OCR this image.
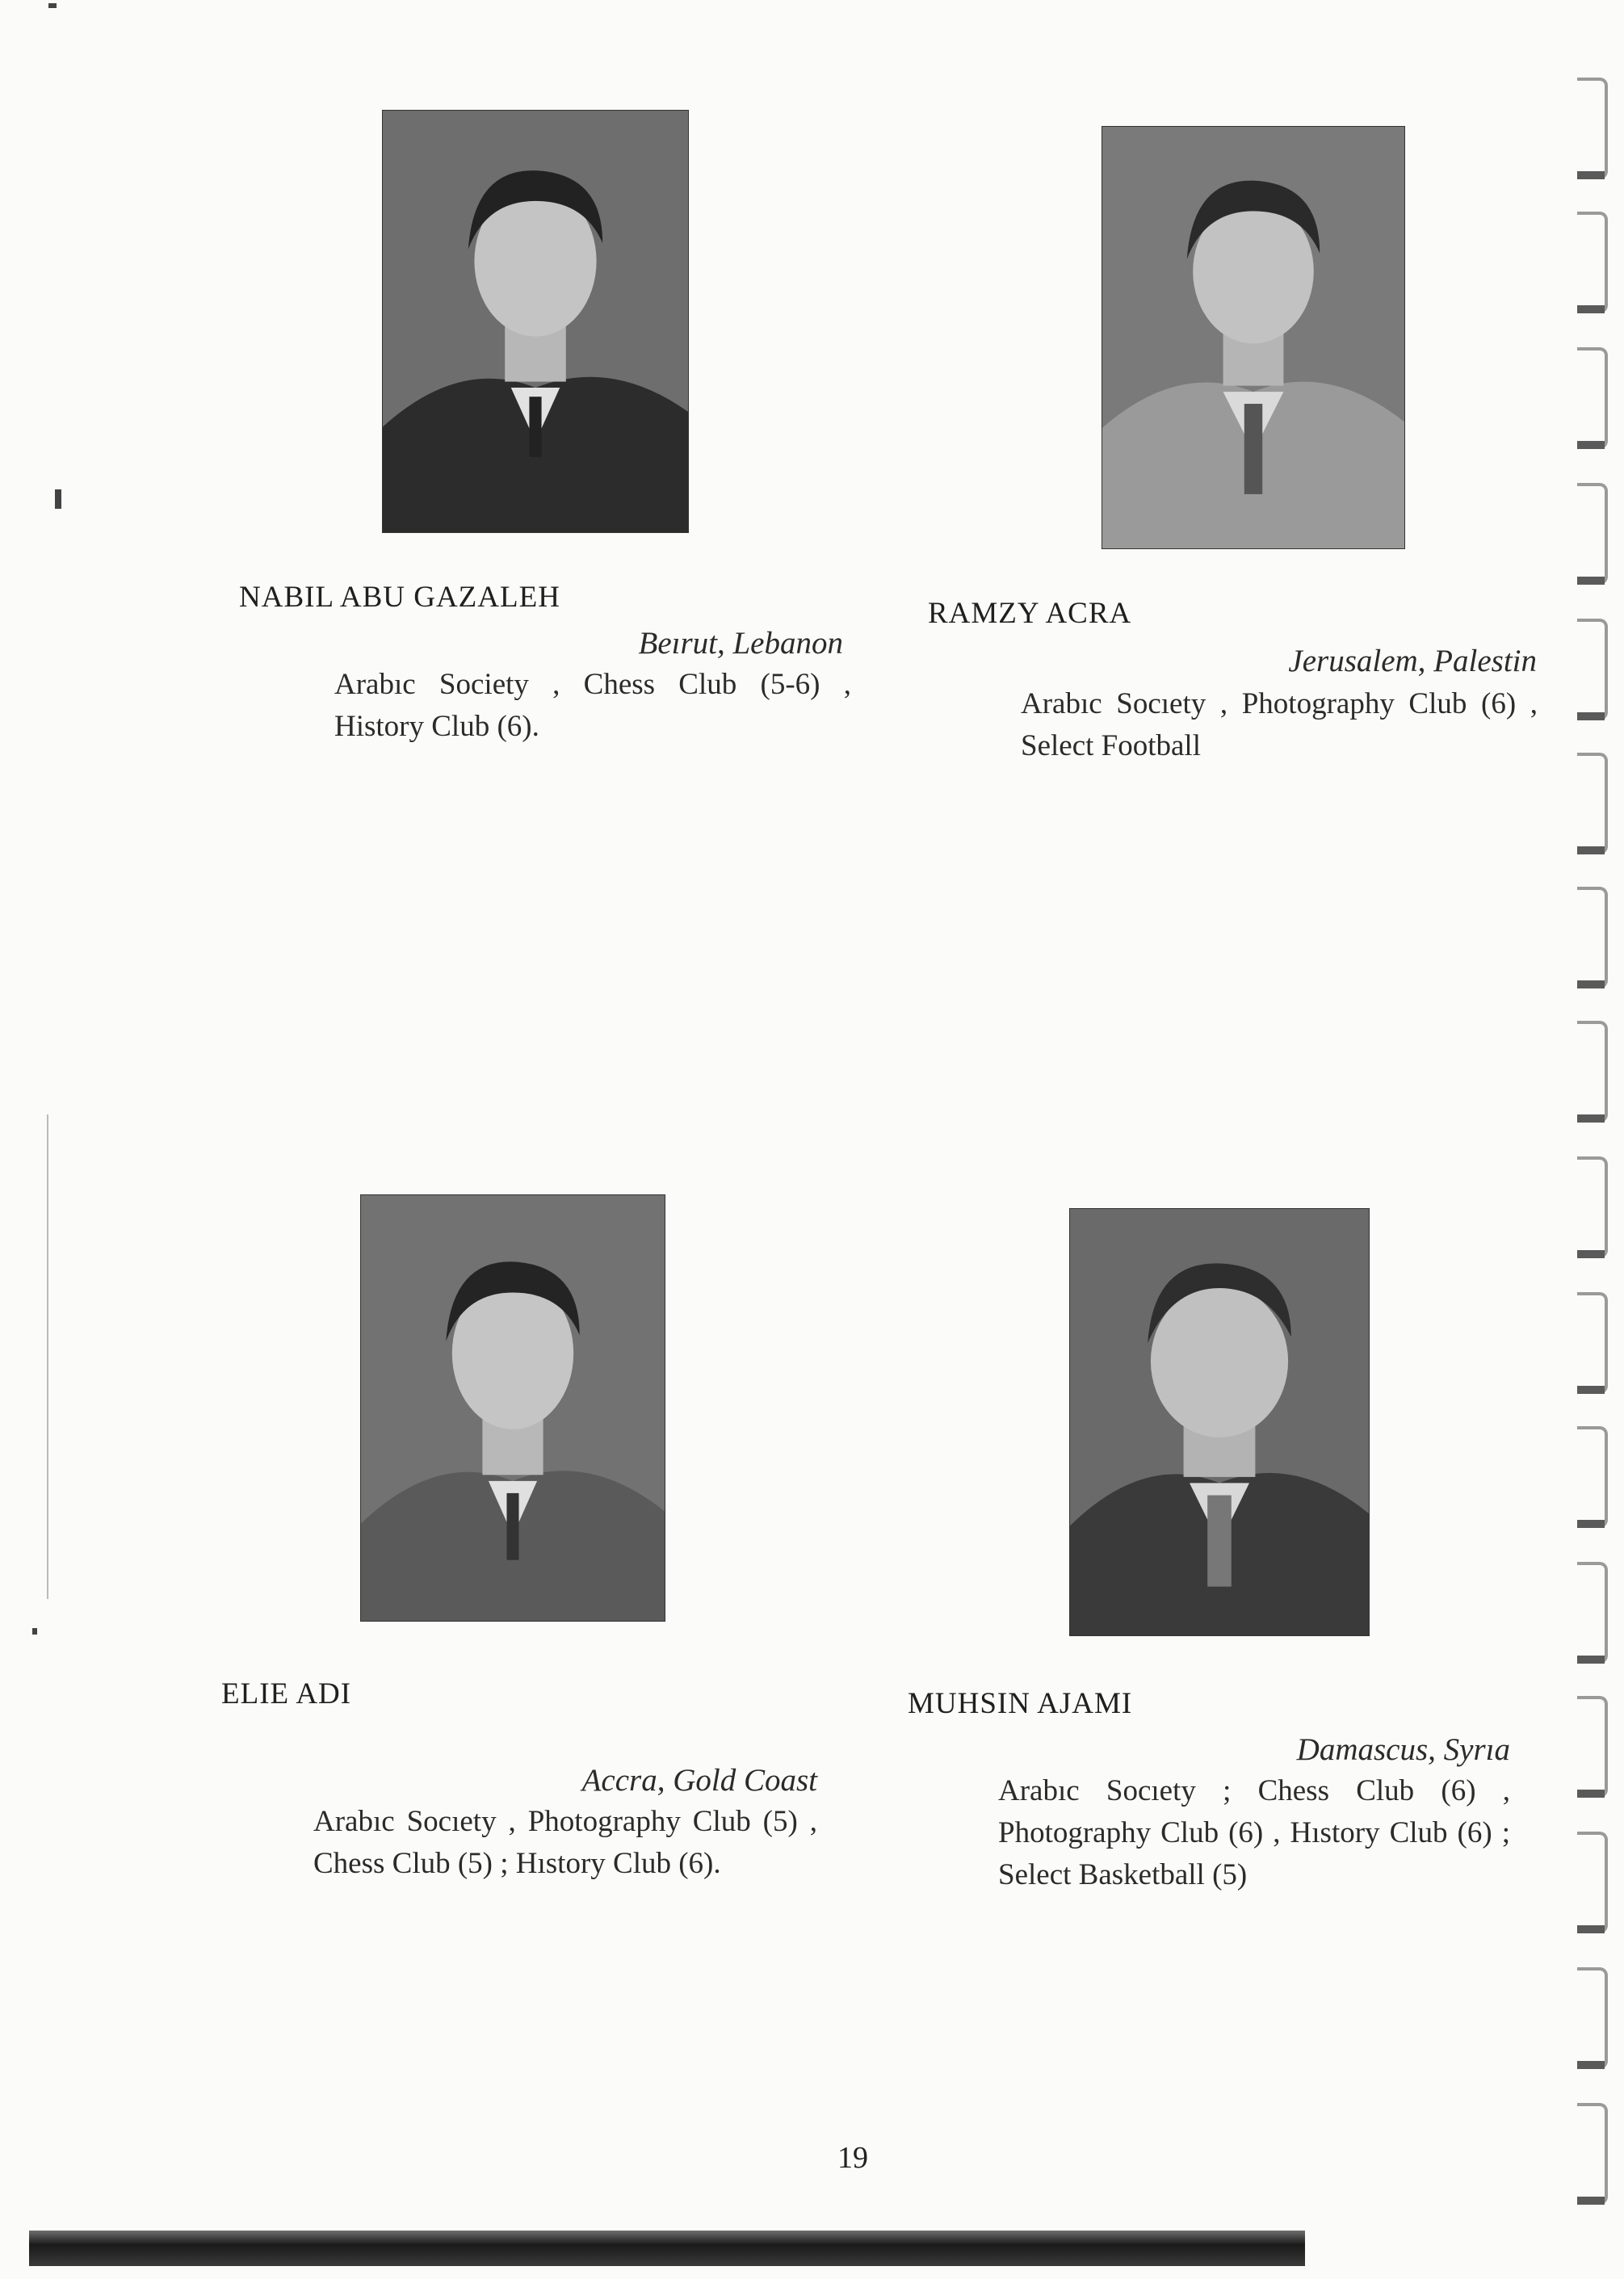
NABIL ABU GAZALEH
Beırut, Lebanon
Arabıc Society , Chess Club (5-6) , History Club (6).
RAMZY ACRA
Jerusalem, Palestin
Arabıc Socıety , Photography Club (6) , Select Football
ELIE ADI
Accra, Gold Coast
Arabıc Socıety , Photography Club (5) , Chess Club (5) ; Hıstory Club (6).
MUHSIN AJAMI
Damascus, Syrıa
Arabıc Socıety ; Chess Club (6) , Photography Club (6) , Hıstory Club (6) ; Select Basketball (5)
19
